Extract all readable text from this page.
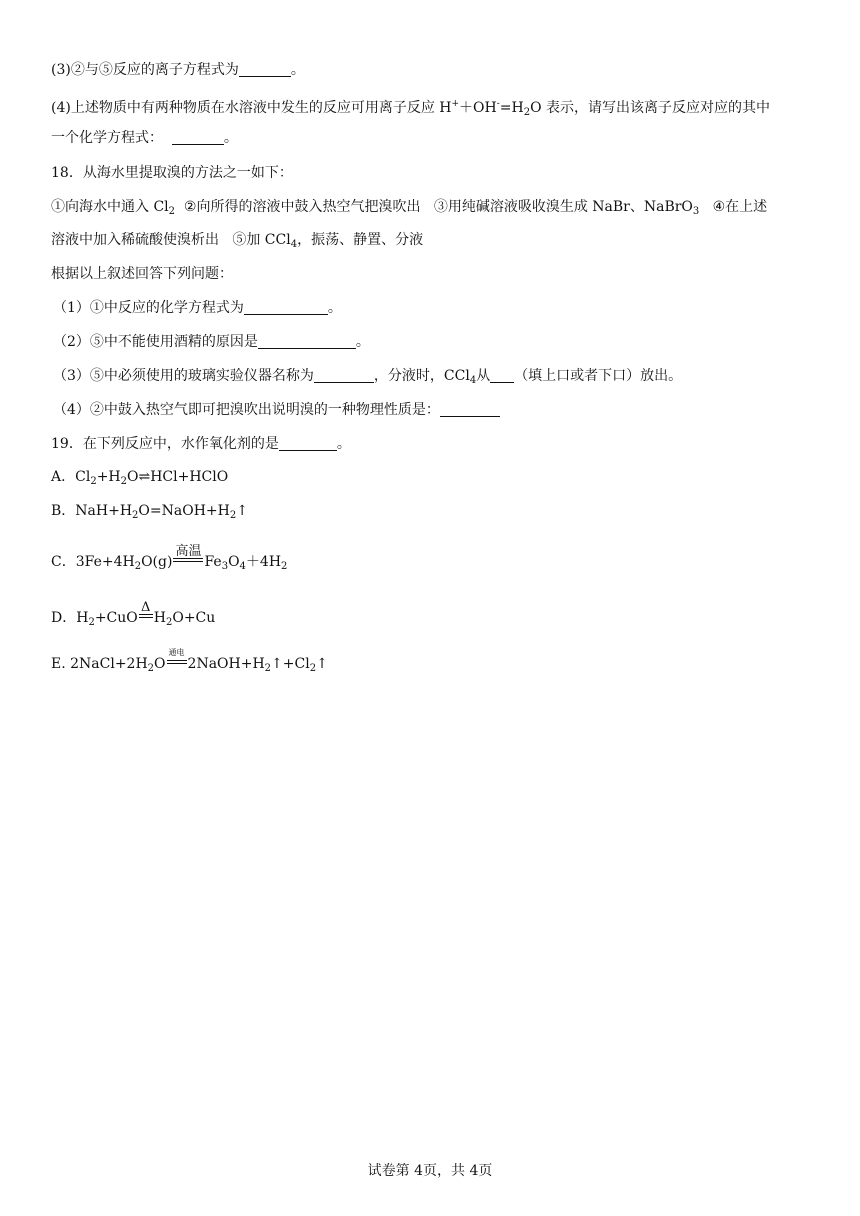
(3)②与⑤反应的离子方程式为	。
(4)上述物质中有两种物质在水溶液中发生的反应可用离子反应 $H^++OH^-=H_2O$ 表示，请写出该离子反应对应的其中
一个化学方程式：	。
18．从海水里提取溴的方法之一如下：
①向海水中通入 $Cl_2$  ②向所得的溶液中鼓入热空气把溴吹出   ③用纯碱溶液吸收溴生成 NaBr、NaBrO$_3$   ④在上述
溶液中加入稀硫酸使溴析出   ⑤加 CCl$_4$，振荡、静置、分液
根据以上叙述回答下列问题：
（1）①中反应的化学方程式为	。
（2）⑤中不能使用酒精的原因是	。
（3）⑤中必须使用的玻璃实验仪器名称为	，分液时，CCl$_4$从 （填上口或者下口）放出。
（4）②中鼓入热空气即可把溴吹出说明溴的一种物理性质是：
19．在下列反应中，水作氧化剂的是	。
A．$Cl_2+H_2O\rightleftharpoons HCl+HClO$
B．$NaH+H_2O=NaOH+H_2↑$
C．$3Fe+4H_2O(g)$
高温
$Fe_3O_4+4H_2$
D．$H_2+CuO$
Δ
$H_2O+Cu$
E. $2NaCl+2H_2O$
通电
$2NaOH+H_2↑+Cl_2↑$
试卷第 4页，共 4页
